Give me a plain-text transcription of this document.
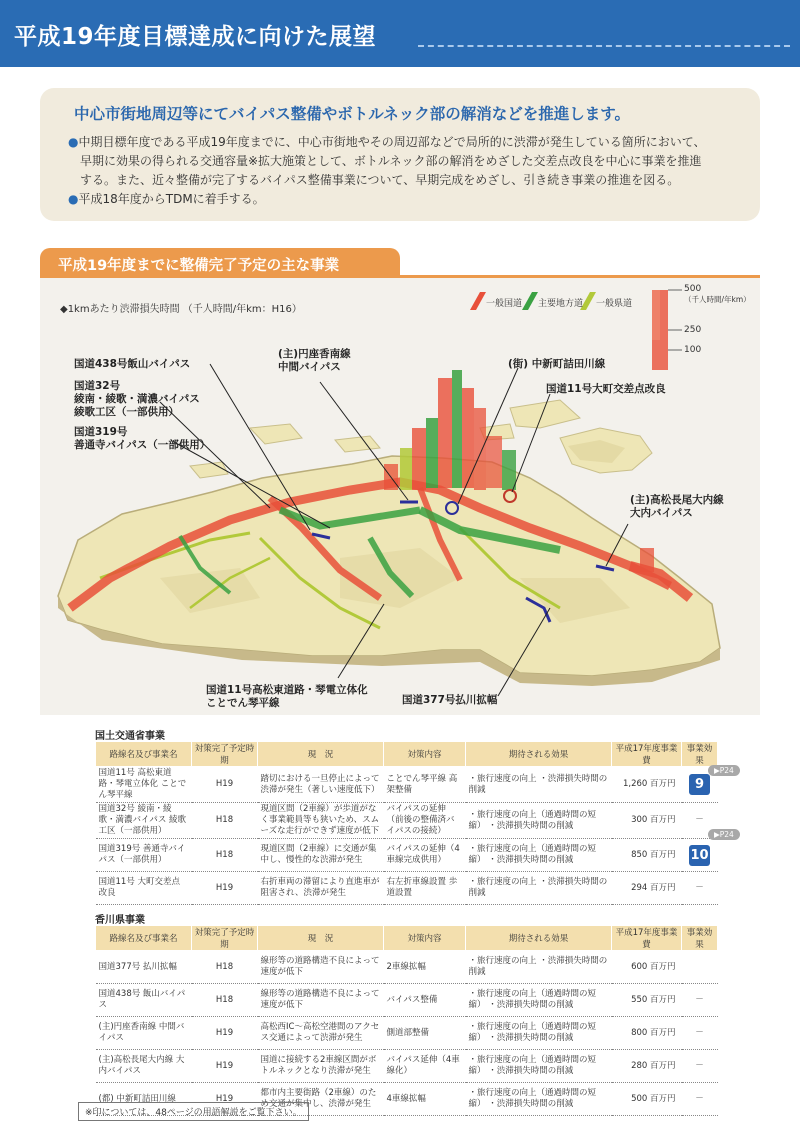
平成19年度目標達成に向けた展望
中心市街地周辺等にてバイパス整備やボトルネック部の解消などを推進します。
●中期目標年度である平成19年度までに、中心市街地やその周辺部などで局所的に渋滞が発生している箇所において、
早期に効果の得られる交通容量※拡大施策として、ボトルネック部の解消をめざした交差点改良を中心に事業を推進
する。また、近々整備が完了するバイパス整備事業について、早期完成をめざし、引き続き事業の推進を図る。
●平成18年度からTDMに着手する。
平成19年度までに整備完了予定の主な事業
◆1kmあたり渋滞損失時間 （千人時間/年km：H16）	一般国道 主要地方道 一般県道
500
（千人時間/年km）
250
100
国道438号飯山バイパス
国道32号
綾南・綾歌・満濃バイパス
綾歌工区（一部供用）
国道319号
善通寺バイパス（一部供用）
(主)円座香南線
中間バイパス	(街) 中新町詰田川線
国道11号大町交差点改良
(主)高松長尾大内線
大内バイパス
国道11号高松東道路・琴電立体化
ことでん琴平線	国道377号払川拡幅
国土交通省事業
路線名及び事業名	対策完了予定時期	現　況	対策内容	期待される効果	平成17年度事業費	事業効果
国道11号 高松東道路・琴電立体化 ことでん琴平線	H19	踏切における一旦停止によって渋滞が発生（著しい速度低下）	ことでん琴平線 高架整備	・旅行速度の向上 ・渋滞損失時間の削減	1,260 百万円	9
国道32号 綾南・綾歌・満濃バイパス 綾歌工区（一部供用）	H18	現道区間（2車線）が歩道がなく事業範員等も狭いため、スムーズな走行ができず速度が低下	バイパスの延伸（前後の整備済バイパスの接続）	・旅行速度の向上（通過時間の短縮） ・渋滞損失時間の削減	300 百万円	－
国道319号 善通寺バイパス（一部供用）	H18	現道区間（2車線）に交通が集中し、慢性的な渋滞が発生	バイパスの延伸（4車線完成供用）	・旅行速度の向上（通過時間の短縮） ・渋滞損失時間の削減	850 百万円	10
国道11号 大町交差点改良	H19	右折車両の滞留により直進車が阻害され、渋滞が発生	右左折車線設置 歩道設置	・旅行速度の向上 ・渋滞損失時間の削減	294 百万円	－
香川県事業
路線名及び事業名	対策完了予定時期	現　況	対策内容	期待される効果	平成17年度事業費	事業効果
国道377号 払川拡幅	H18	線形等の道路構造不良によって速度が低下	2車線拡幅	・旅行速度の向上 ・渋滞損失時間の削減	600 百万円	
国道438号 飯山バイパス	H18	線形等の道路構造不良によって速度が低下	バイパス整備	・旅行速度の向上（通過時間の短縮） ・渋滞損失時間の削減	550 百万円	－
(主)円座香南線 中間バイパス	H19	高松西IC～高松空港間のアクセス交通によって渋滞が発生	側道部整備	・旅行速度の向上（通過時間の短縮） ・渋滞損失時間の削減	800 百万円	－
(主)高松長尾大内線 大内バイパス	H19	国道に接続する2車線区間がボトルネックとなり渋滞が発生	バイパス延伸（4車線化）	・旅行速度の向上（通過時間の短縮） ・渋滞損失時間の削減	280 百万円	－
(都) 中新町詰田川線	H19	都市内主要街路（2車線）のため交通が集中し、渋滞が発生	4車線拡幅	・旅行速度の向上（通過時間の短縮） ・渋滞損失時間の削減	500 百万円	－
▶P24
▶P24
※印については、48ページの用語解説をご覧下さい。
